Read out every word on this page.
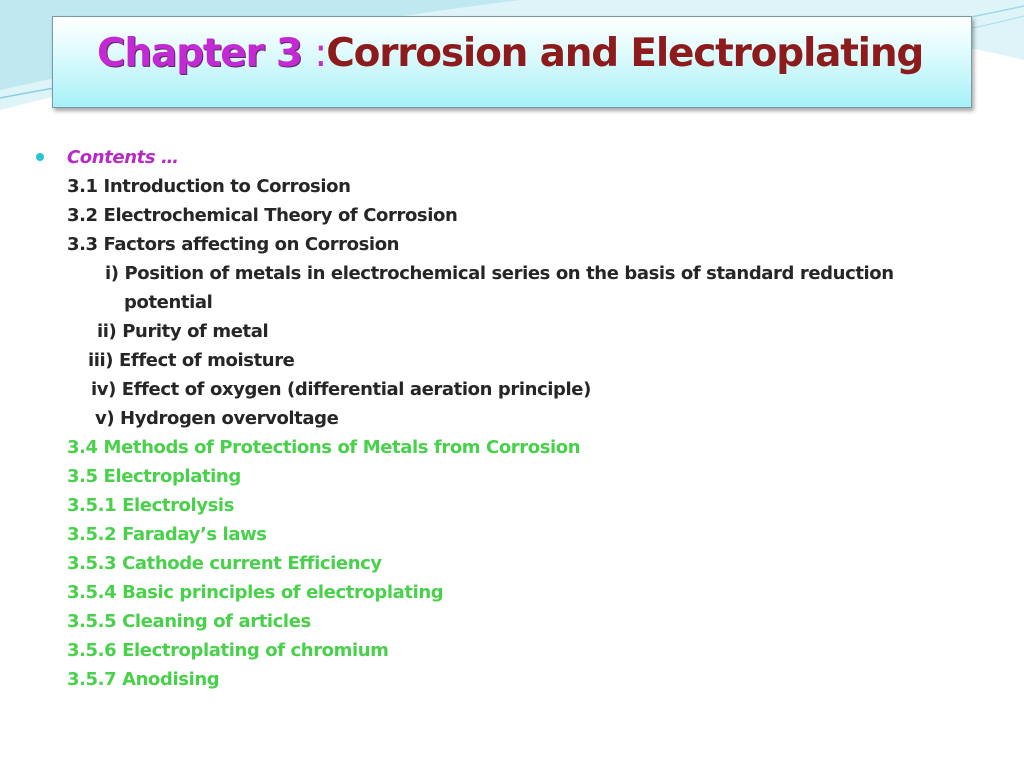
Chapter 3 :Corrosion and Electroplating
Contents …
3.1 Introduction to Corrosion
3.2 Electrochemical Theory of Corrosion
3.3 Factors affecting on Corrosion
i) Position of metals in electrochemical series on the basis of standard reduction
potential
ii) Purity of metal
iii) Effect of moisture
iv) Effect of oxygen (differential aeration principle)
v) Hydrogen overvoltage
3.4 Methods of Protections of Metals from Corrosion
3.5 Electroplating
3.5.1 Electrolysis
3.5.2 Faraday’s laws
3.5.3 Cathode current Efficiency
3.5.4 Basic principles of electroplating
3.5.5 Cleaning of articles
3.5.6 Electroplating of chromium
3.5.7 Anodising
